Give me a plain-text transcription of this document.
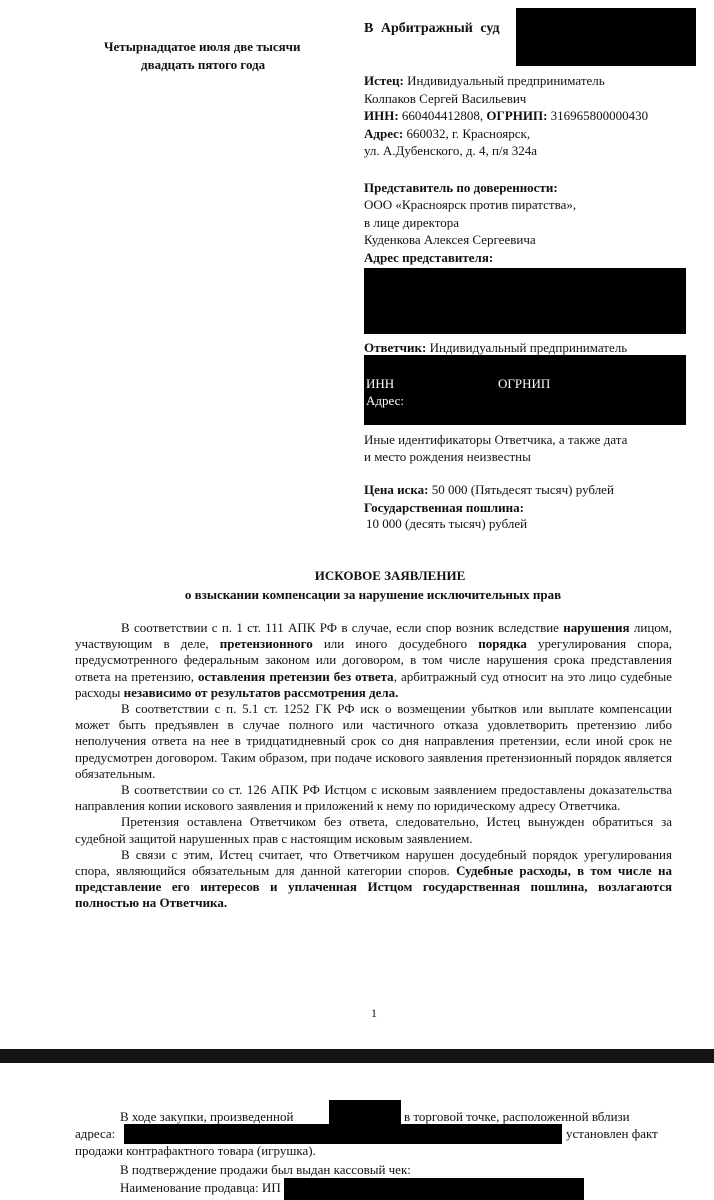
Четырнадцатое июля две тысячи
двадцать пятого года
В Арбитражный суд
Истец: Индивидуальный предприниматель
Колпаков Сергей Васильевич
ИНН: 660404412808, ОГРНИП: 316965800000430
Адрес: 660032, г. Красноярск,
ул. А.Дубенского, д. 4, п/я 324а
Представитель по доверенности:
ООО «Красноярск против пиратства»,
в лице директора
Куденкова Алексея Сергеевича
Адрес представителя:
Ответчик: Индивидуальный предприниматель
ИНН	ОГРНИП
Адрес:
Иные идентификаторы Ответчика, а также дата
и место рождения неизвестны
Цена иска: 50 000 (Пятьдесят тысяч) рублей
Государственная пошлина:
10 000 (десять тысяч) рублей
ИСКОВОЕ ЗАЯВЛЕНИЕ
о взыскании компенсации за нарушение исключительных прав

В соответствии с п. 1 ст. 111 АПК РФ в случае, если спор возник вследствие нарушения лицом, участвующим в деле, претензионного или иного досудебного порядка урегулирования спора, предусмотренного федеральным законом или договором, в том числе нарушения срока представления ответа на претензию, оставления претензии без ответа, арбитражный суд относит на это лицо судебные расходы независимо от результатов рассмотрения дела.

В соответствии с п. 5.1 ст. 1252 ГК РФ иск о возмещении убытков или выплате компенсации может быть предъявлен в случае полного или частичного отказа удовлетворить претензию либо неполучения ответа на нее в тридцатидневный срок со дня направления претензии, если иной срок не предусмотрен договором. Таким образом, при подаче искового заявления претензионный порядок является обязательным.

В соответствии со ст. 126 АПК РФ Истцом с исковым заявлением предоставлены доказательства направления копии искового заявления и приложений к нему по юридическому адресу Ответчика.

Претензия оставлена Ответчиком без ответа, следовательно, Истец вынужден обратиться за судебной защитой нарушенных прав с настоящим исковым заявлением.

В связи с этим, Истец считает, что Ответчиком нарушен досудебный порядок урегулирования спора, являющийся обязательным для данной категории споров. Судебные расходы, в том числе на представление его интересов и уплаченная Истцом государственная пошлина, возлагаются полностью на Ответчика.

1
В ходе закупки, произведенной	в торговой точке, расположенной вблизи
адреса:	установлен факт
продажи контрафактного товара (игрушка).
В подтверждение продажи был выдан кассовый чек:
Наименование продавца: ИП
